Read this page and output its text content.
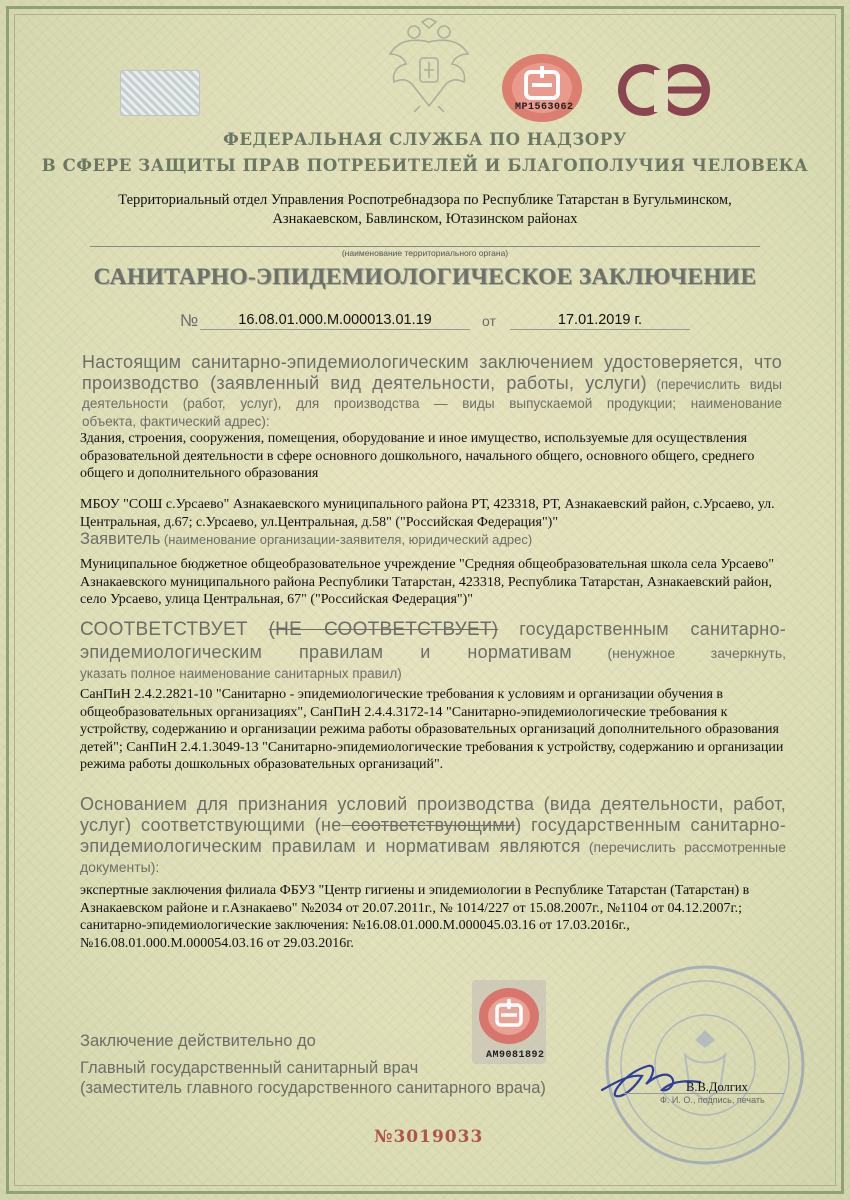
MP1563062
ФЕДЕРАЛЬНАЯ СЛУЖБА ПО НАДЗОРУ
В СФЕРЕ ЗАЩИТЫ ПРАВ ПОТРЕБИТЕЛЕЙ И БЛАГОПОЛУЧИЯ ЧЕЛОВЕКА
Территориальный отдел Управления Роспотребнадзора по Республике Татарстан в Бугульминском,
Азнакаевском, Бавлинском, Ютазинском районах
(наименование территориального органа)
САНИТАРНО-ЭПИДЕМИОЛОГИЧЕСКОЕ ЗАКЛЮЧЕНИЕ
№	16.08.01.000.М.000013.01.19	от	17.01.2019 г.
Настоящим санитарно-эпидемиологическим заключением удостоверяется, что
производство (заявленный вид деятельности, работы, услуги) (перечислить виды
деятельности (работ, услуг), для производства — виды выпускаемой продукции; наименование
объекта, фактический адрес):
Здания, строения, сооружения, помещения, оборудование и иное имущество, используемые для осуществления образовательной деятельности в сфере основного дошкольного, начального общего, основного общего, среднего общего и дополнительного образования
МБОУ "СОШ с.Урсаево" Азнакаевского муниципального района РТ, 423318, РТ, Азнакаевский район, с.Урсаево, ул. Центральная, д.67; с.Урсаево, ул.Центральная, д.58" ("Российская Федерация")"
Заявитель (наименование организации-заявителя, юридический адрес)
Муниципальное бюджетное общеобразовательное учреждение "Средняя общеобразовательная школа села Урсаево" Азнакаевского муниципального района Республики Татарстан, 423318, Республика Татарстан, Азнакаевский район, село Урсаево, улица Центральная, 67" ("Российская Федерация")"
СООТВЕТСТВУЕТ (НЕ СООТВЕТСТВУЕТ) государственным санитарно-
эпидемиологическим правилам и нормативам (ненужное зачеркнуть,
указать полное наименование санитарных правил)
СанПиН 2.4.2.2821-10 "Санитарно - эпидемиологические требования к условиям и организации обучения в общеобразовательных организациях", СанПиН 2.4.4.3172-14 "Санитарно-эпидемиологические требования к устройству, содержанию и организации режима работы образовательных организаций дополнительного образования детей"; СанПиН 2.4.1.3049-13 "Санитарно-эпидемиологические требования к устройству, содержанию и организации режима работы дошкольных образовательных организаций".
Основанием для признания условий производства (вида деятельности, работ,
услуг) соответствующими (не соответствующими) государственным санитарно-
эпидемиологическим правилам и нормативам являются (перечислить рассмотренные
документы):
экспертные заключения филиала ФБУЗ "Центр гигиены и эпидемиологии в Республике Татарстан (Татарстан) в Азнакаевском районе и г.Азнакаево" №2034 от 20.07.2011г., № 1014/227 от 15.08.2007г., №1104 от 04.12.2007г.; санитарно-эпидемиологические заключения: №16.08.01.000.М.000045.03.16 от 17.03.2016г., №16.08.01.000.М.000054.03.16 от 29.03.2016г.
АМ9081892
Заключение действительно до
Главный государственный санитарный врач
(заместитель главного государственного санитарного врача)	В.В.Долгих
Ф. И. О., подпись, печать
№3019033
